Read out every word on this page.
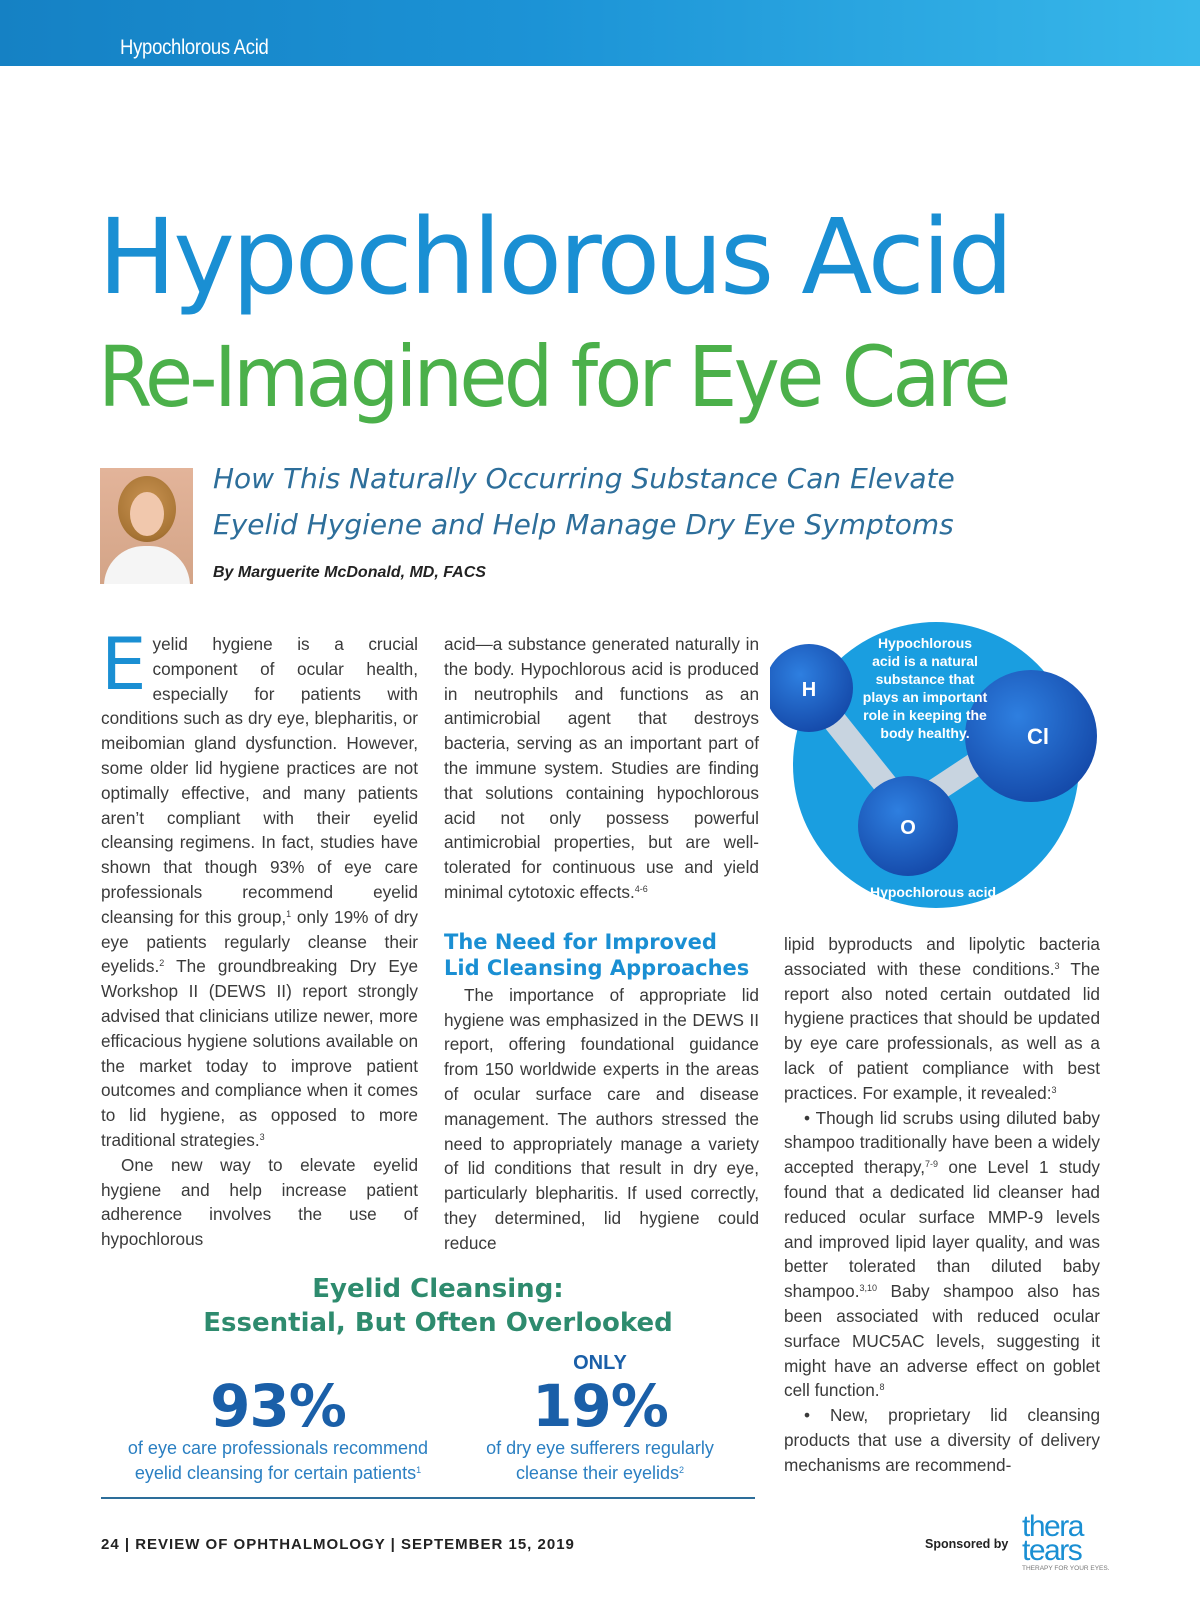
Hypochlorous Acid
Hypochlorous Acid
Re-Imagined for Eye Care
How This Naturally Occurring Substance Can Elevate
Eyelid Hygiene and Help Manage Dry Eye Symptoms
By Marguerite McDonald, MD, FACS

Eyelid hygiene is a crucial component of ocular health, especially for patients with conditions such as dry eye, blepharitis, or meibomian gland dysfunction. However, some older lid hygiene practices are not optimally effective, and many patients aren’t compliant with their eyelid cleansing regimens. In fact, studies have shown that though 93% of eye care professionals recommend eyelid cleansing for this group,$^1$ only 19% of dry eye patients regularly cleanse their eyelids.$^2$ The groundbreaking Dry Eye Workshop II (DEWS II) report strongly advised that clinicians utilize newer, more efficacious hygiene solutions available on the market today to improve patient outcomes and compliance when it comes to lid hygiene, as opposed to more traditional strategies.$^3$

One new way to elevate eyelid hygiene and help increase patient adherence involves the use of hypochlorous

acid—a substance generated naturally in the body. Hypochlorous acid is produced in neutrophils and functions as an antimicrobial agent that destroys bacteria, serving as an important part of the immune system. Studies are finding that solutions containing hypochlorous acid not only possess powerful antimicrobial properties, but are well-tolerated for continuous use and yield minimal cytotoxic effects.$^{4-6}$

The Need for Improved
Lid Cleansing Approaches

The importance of appropriate lid hygiene was emphasized in the DEWS II report, offering foundational guidance from 150 worldwide experts in the areas of ocular surface care and disease management. The authors stressed the need to appropriately manage a variety of lid conditions that result in dry eye, particularly blepharitis. If used correctly, they determined, lid hygiene could reduce

lipid byproducts and lipolytic bacteria associated with these conditions.$^3$ The report also noted certain outdated lid hygiene practices that should be updated by eye care professionals, as well as a lack of patient compliance with best practices. For example, it revealed:$^3$

• Though lid scrubs using diluted baby shampoo traditionally have been a widely accepted therapy,$^{7-9}$ one Level 1 study found that a dedicated lid cleanser had reduced ocular surface MMP-9 levels and improved lipid layer quality, and was better tolerated than diluted baby shampoo.$^{3,10}$ Baby shampoo also has been associated with reduced ocular surface MUC5AC levels, suggesting it might have an adverse effect on goblet cell function.$^8$

• New, proprietary lid cleansing products that use a diversity of delivery mechanisms are recommend-

H
O
Cl
Hypochlorous
acid is a natural
substance that
plays an important
role in keeping the
body healthy.
Hypochlorous acid
Eyelid Cleansing:
Essential, But Often Overlooked
ONLY
93%	19%
of eye care professionals recommend
eyelid cleansing for certain patients$^1$
of dry eye sufferers regularly
cleanse their eyelids$^2$
24 | REVIEW OF OPHTHALMOLOGY | SEPTEMBER 15, 2019	Sponsored by
thera
tears
THERAPY FOR YOUR EYES.
